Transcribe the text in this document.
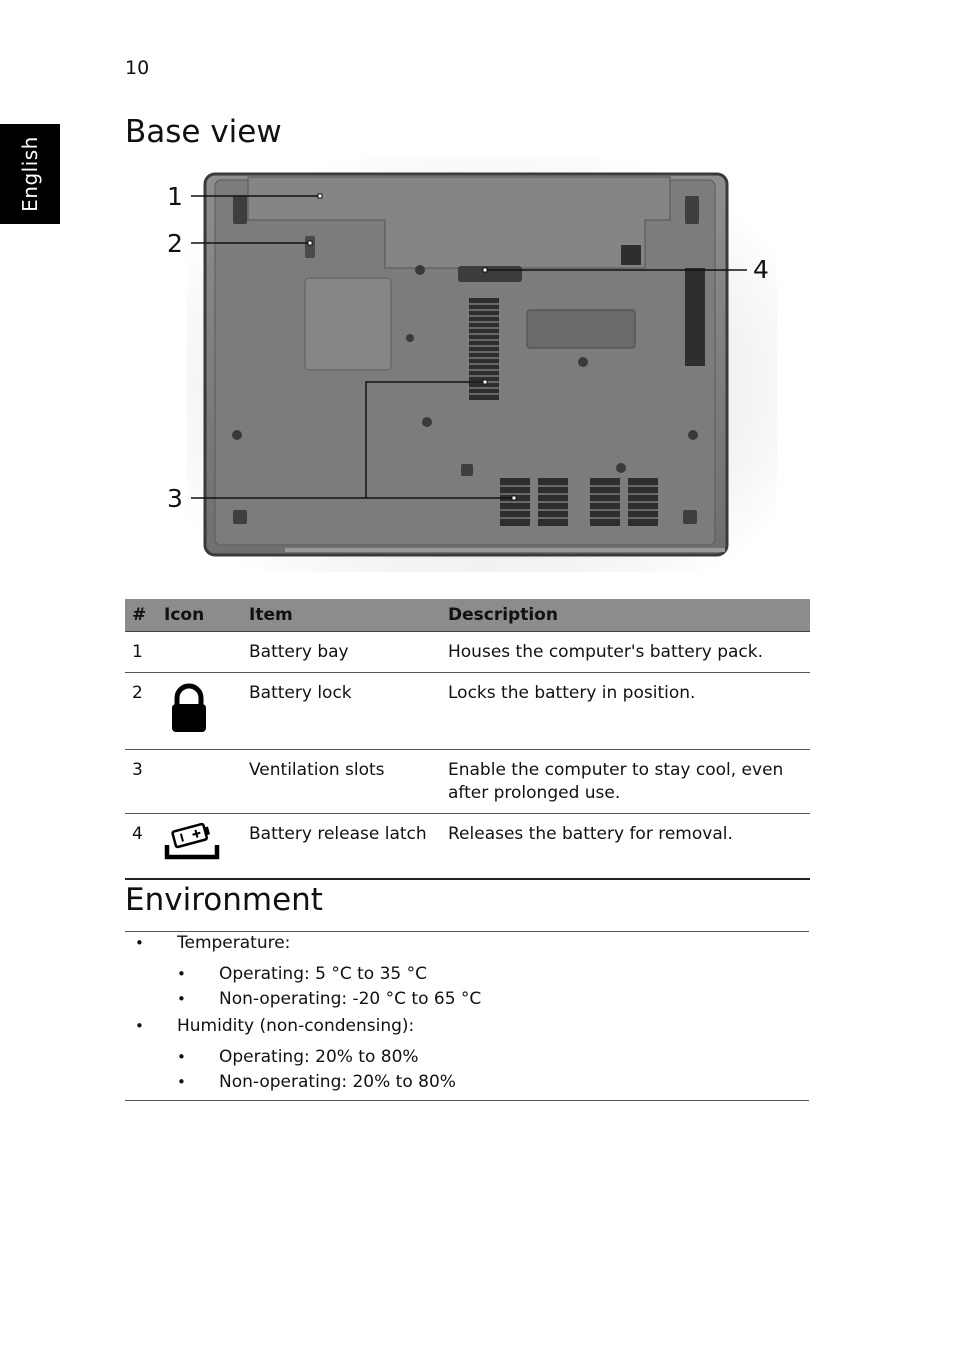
10
English
Base view
1
2
4
3
#	Icon	Item	Description
1		Battery bay	Houses the computer's battery pack.
2		Battery lock	Locks the battery in position.
3		Ventilation slots	Enable the computer to stay cool, even after prolonged use.
4		Battery release latch	Releases the battery for removal.
Environment
• Temperature:
• Operating: 5 °C to 35 °C
• Non-operating: -20 °C to 65 °C
• Humidity (non-condensing):
• Operating: 20% to 80%
• Non-operating: 20% to 80%
